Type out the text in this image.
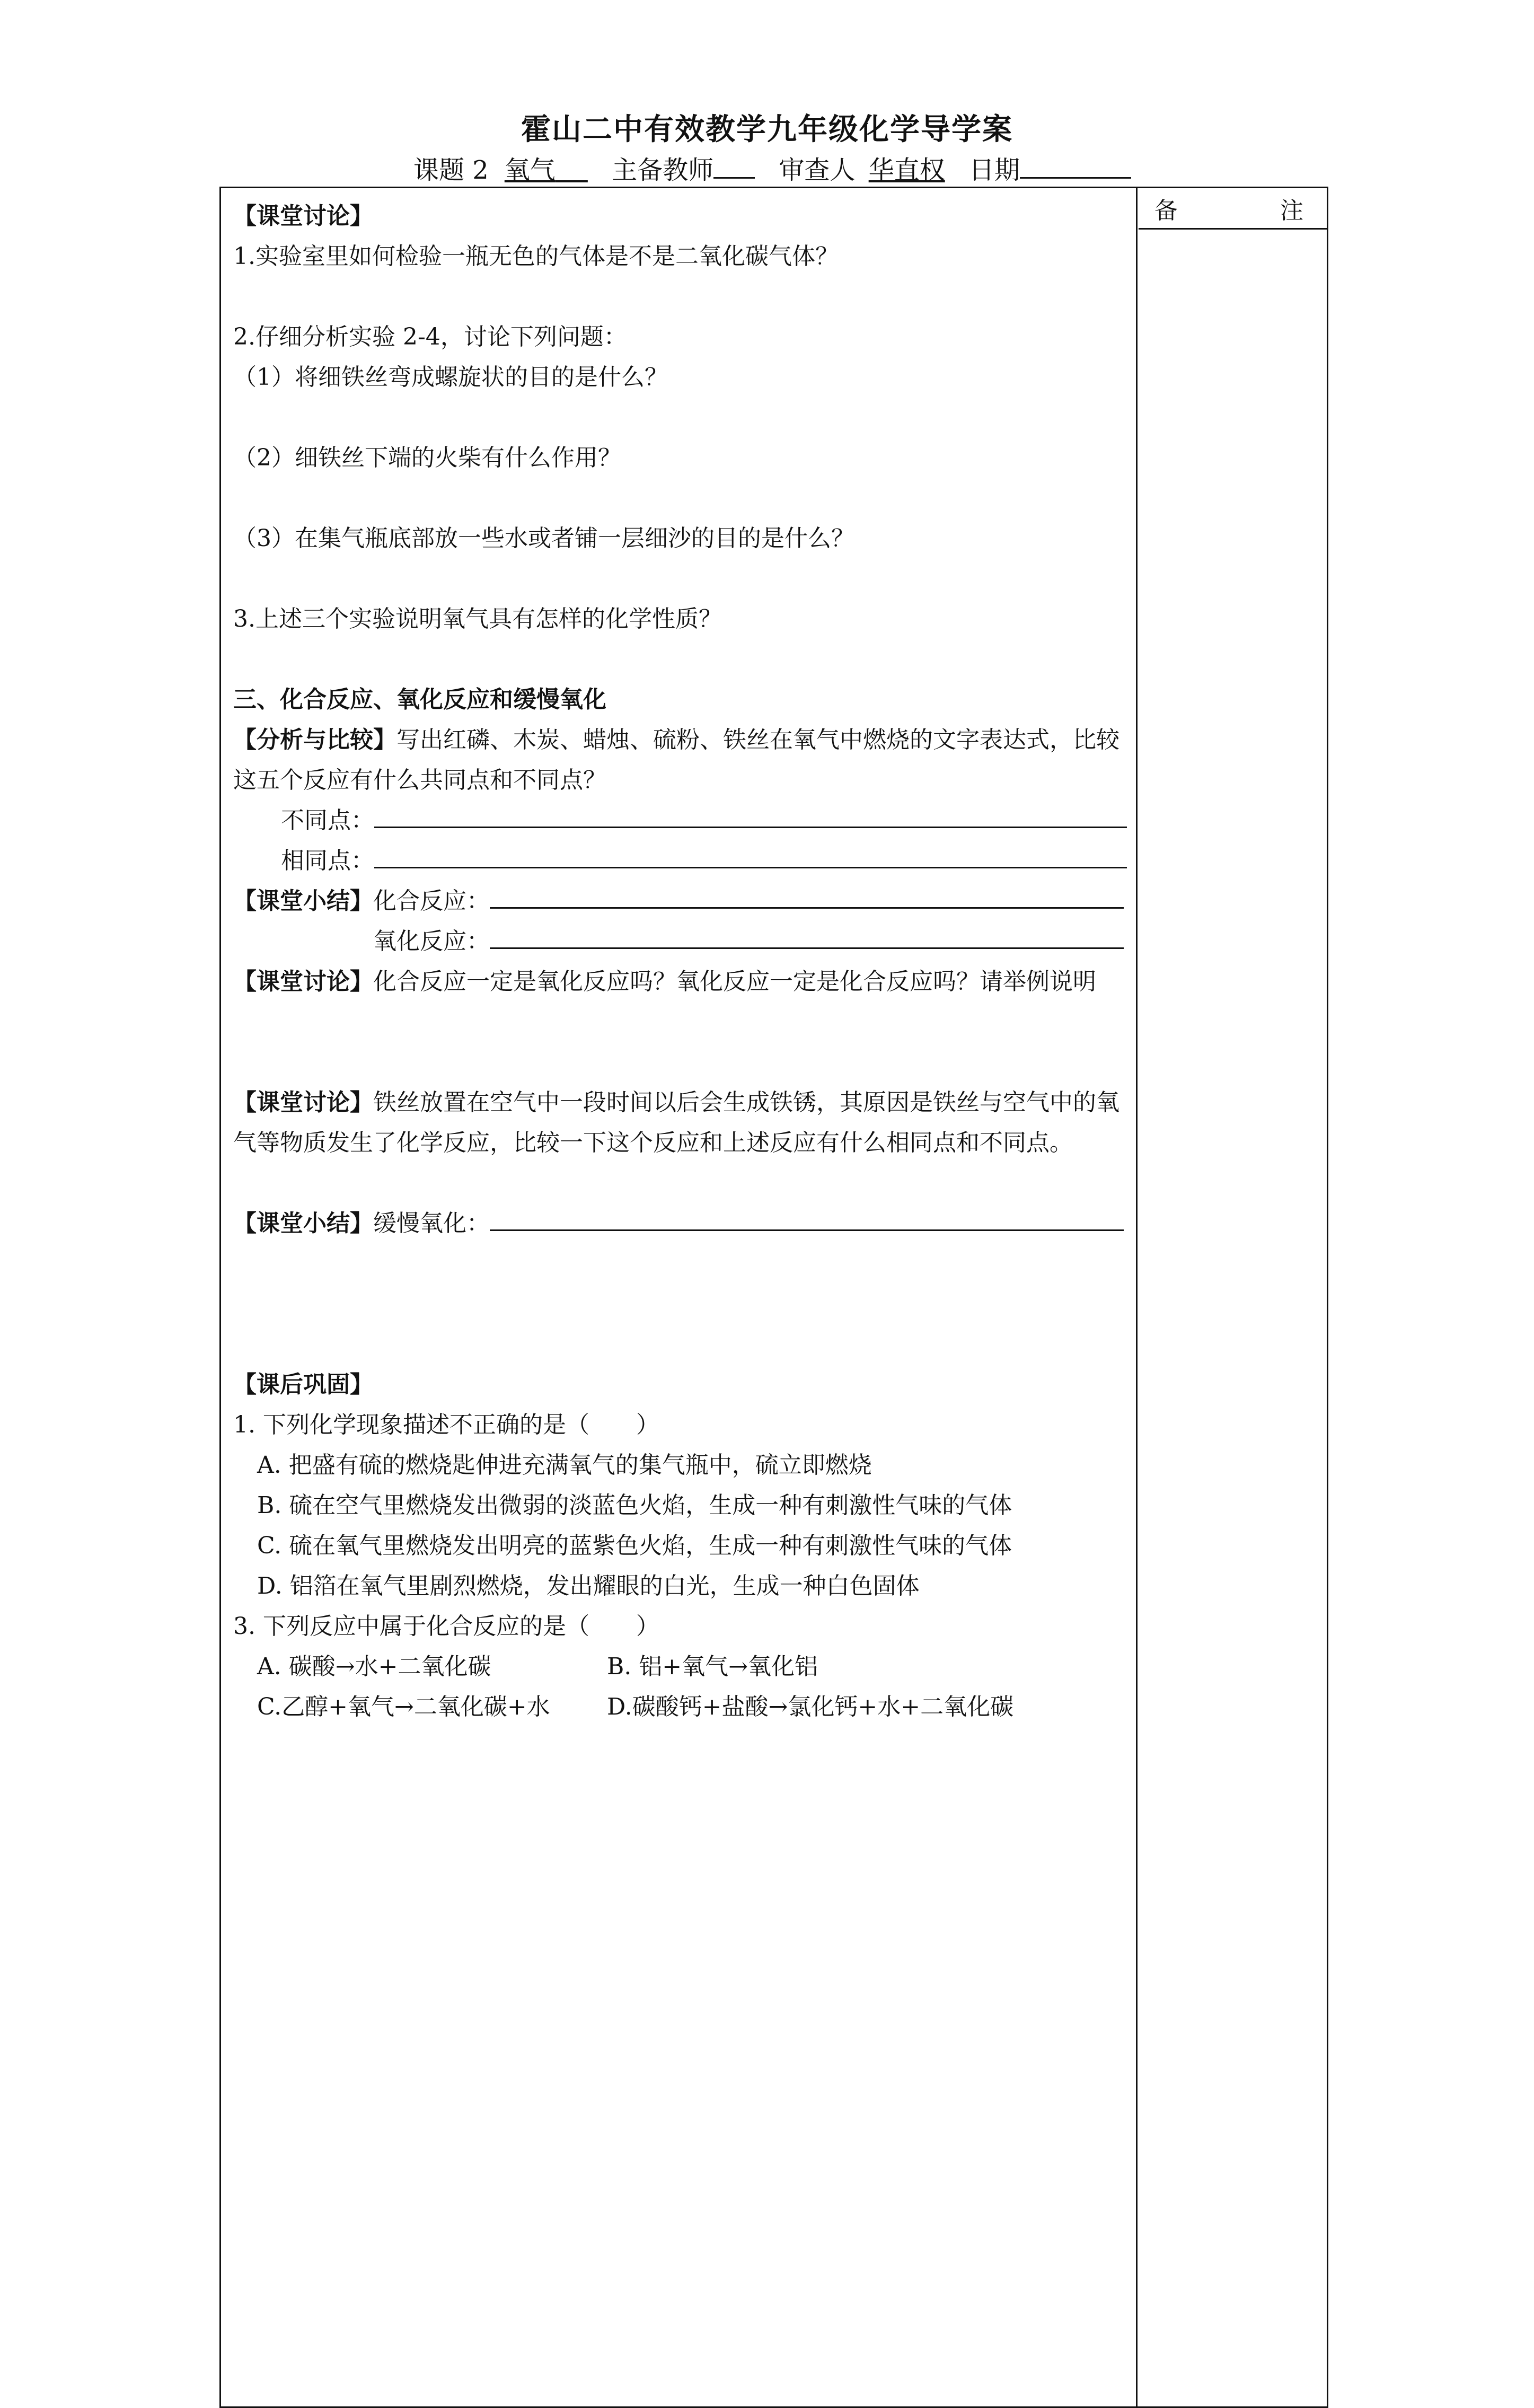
霍山二中有效教学九年级化学导学案
课题 2 氧气 主备教师	审查人 华直权 日期
备	注
【课堂讨论】
1.实验室里如何检验一瓶无色的气体是不是二氧化碳气体？
2.仔细分析实验 2-4，讨论下列问题：
（1）将细铁丝弯成螺旋状的目的是什么？
（2）细铁丝下端的火柴有什么作用？
（3）在集气瓶底部放一些水或者铺一层细沙的目的是什么？
3.上述三个实验说明氧气具有怎样的化学性质？
三、化合反应、氧化反应和缓慢氧化
【分析与比较】写出红磷、木炭、蜡烛、硫粉、铁丝在氧气中燃烧的文字表达式，比较
这五个反应有什么共同点和不同点？
不同点：
相同点：
【课堂小结】化合反应：
氧化反应：
【课堂讨论】化合反应一定是氧化反应吗？氧化反应一定是化合反应吗？请举例说明
【课堂讨论】铁丝放置在空气中一段时间以后会生成铁锈，其原因是铁丝与空气中的氧
气等物质发生了化学反应，比较一下这个反应和上述反应有什么相同点和不同点。
【课堂小结】缓慢氧化：
【课后巩固】
1. 下列化学现象描述不正确的是（　　）
A. 把盛有硫的燃烧匙伸进充满氧气的集气瓶中，硫立即燃烧
B. 硫在空气里燃烧发出微弱的淡蓝色火焰，生成一种有刺激性气味的气体
C. 硫在氧气里燃烧发出明亮的蓝紫色火焰，生成一种有刺激性气味的气体
D. 铝箔在氧气里剧烈燃烧，发出耀眼的白光，生成一种白色固体
3. 下列反应中属于化合反应的是（　　）
A. 碳酸→水+二氧化碳	B. 铝+氧气→氧化铝
C.乙醇+氧气→二氧化碳+水 D.碳酸钙+盐酸→氯化钙+水+二氧化碳
